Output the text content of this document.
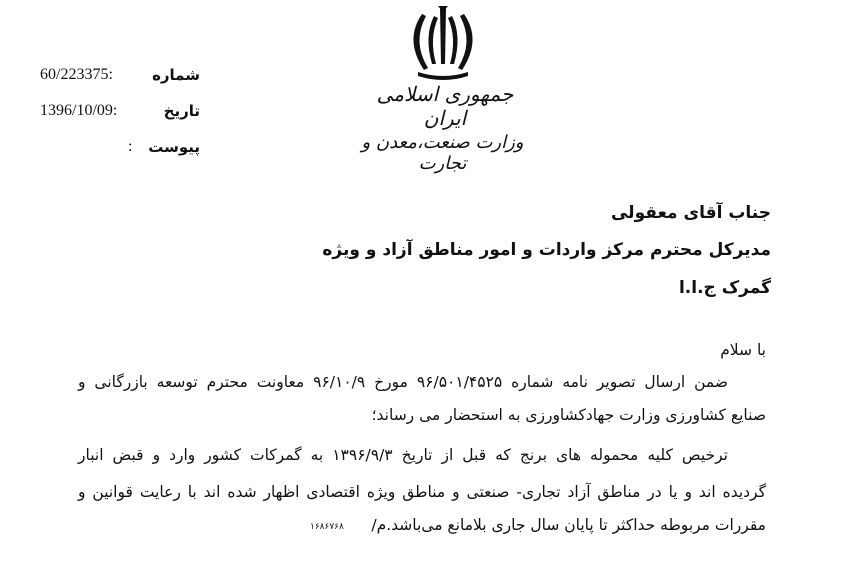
60/223375:	شماره
1396/10/09:	تاریخ
: پیوست
جمهوری اسلامی ایران
وزارت صنعت،معدن و تجارت
جناب آقای معقولی
مدیرکل محترم مرکز واردات و امور مناطق آزاد و ویژه
گمرک ج.ا.ا
با سلام
ضمن ارسال تصویر نامه شماره ۹۶/۵۰۱/۴۵۲۵ مورخ ۹۶/۱۰/۹ معاونت محترم توسعه بازرگانی و
صنایع کشاورزی وزارت جهادکشاورزی به استحضار می رساند؛
ترخیص کلیه محموله های برنج که قبل از تاریخ ۱۳۹۶/۹/۳ به گمرکات کشور وارد و قبض انبار
گردیده اند و یا در مناطق آزاد تجاری- صنعتی و مناطق ویژه اقتصادی اظهار شده اند با رعایت قوانین و
مقررات مربوطه حداکثر تا پایان سال جاری بلامانع می‌باشد.م/
۱۶۸۶۷۶۸
